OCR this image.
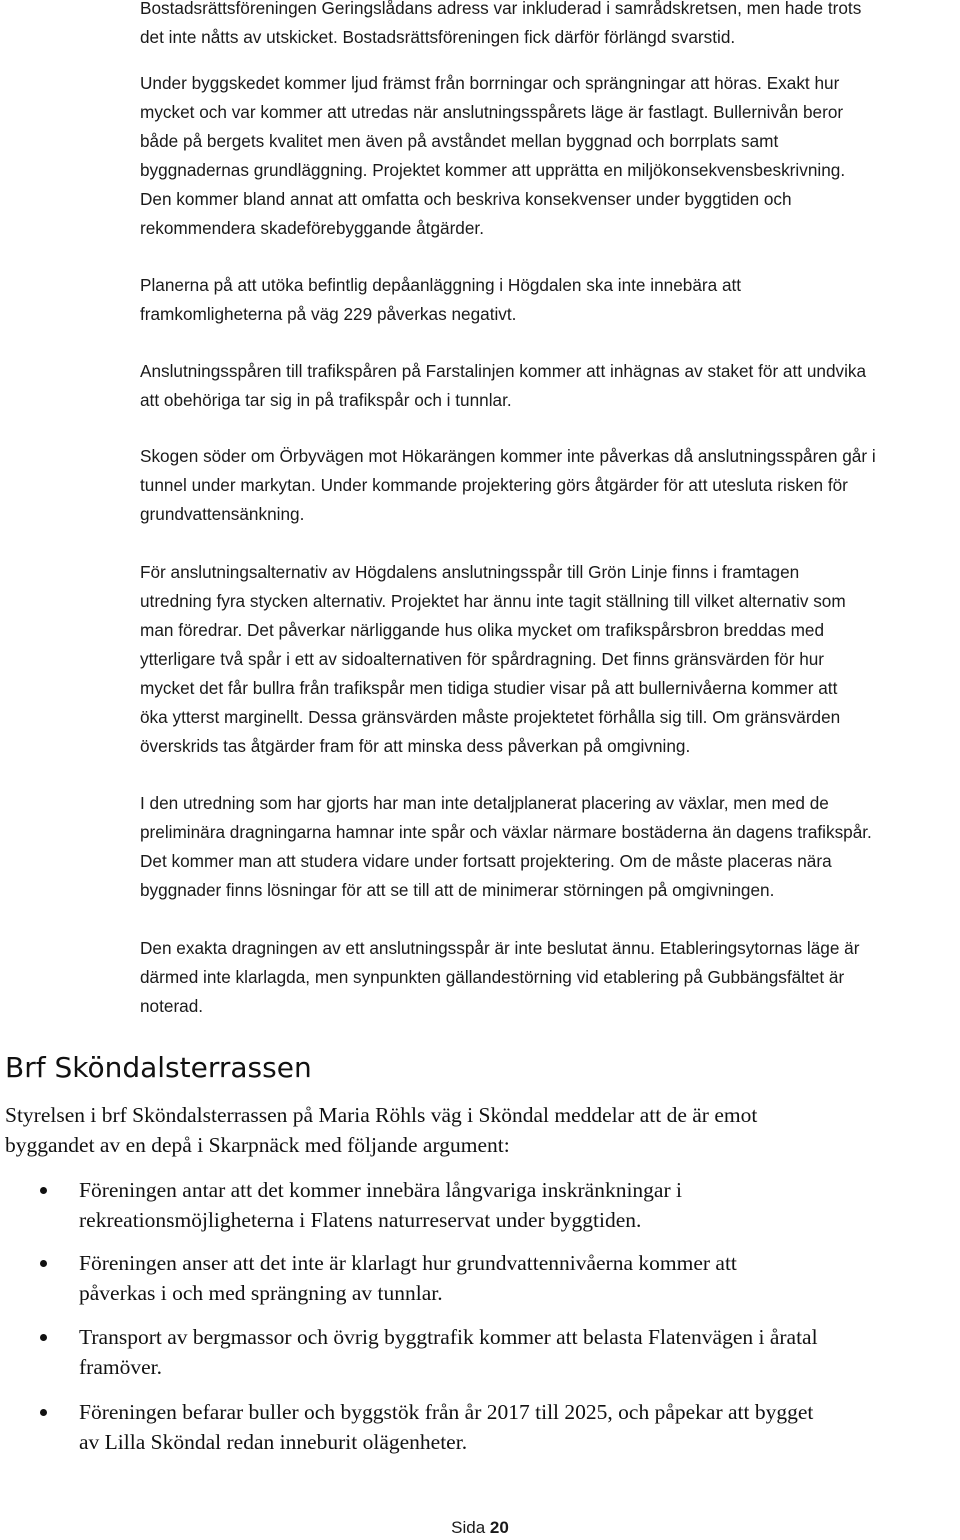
Bostadsrättsföreningen Geringslådans adress var inkluderad i samrådskretsen, men hade trots
det inte nåtts av utskicket. Bostadsrättsföreningen fick därför förlängd svarstid.
Under byggskedet kommer ljud främst från borrningar och sprängningar att höras. Exakt hur
mycket och var kommer att utredas när anslutningsspårets läge är fastlagt. Bullernivån beror
både på bergets kvalitet men även på avståndet mellan byggnad och borrplats samt
byggnadernas grundläggning. Projektet kommer att upprätta en miljökonsekvensbeskrivning.
Den kommer bland annat att omfatta och beskriva konsekvenser under byggtiden och
rekommendera skadeförebyggande åtgärder.
Planerna på att utöka befintlig depåanläggning i Högdalen ska inte innebära att
framkomligheterna på väg 229 påverkas negativt.
Anslutningsspåren till trafikspåren på Farstalinjen kommer att inhägnas av staket för att undvika
att obehöriga tar sig in på trafikspår och i tunnlar.
Skogen söder om Örbyvägen mot Hökarängen kommer inte påverkas då anslutningsspåren går i
tunnel under markytan. Under kommande projektering görs åtgärder för att utesluta risken för
grundvattensänkning.
För anslutningsalternativ av Högdalens anslutningsspår till Grön Linje finns i framtagen
utredning fyra stycken alternativ. Projektet har ännu inte tagit ställning till vilket alternativ som
man föredrar. Det påverkar närliggande hus olika mycket om trafikspårsbron breddas med
ytterligare två spår i ett av sidoalternativen för spårdragning. Det finns gränsvärden för hur
mycket det får bullra från trafikspår men tidiga studier visar på att bullernivåerna kommer att
öka ytterst marginellt. Dessa gränsvärden måste projektetet förhålla sig till. Om gränsvärden
överskrids tas åtgärder fram för att minska dess påverkan på omgivning.
I den utredning som har gjorts har man inte detaljplanerat placering av växlar, men med de
preliminära dragningarna hamnar inte spår och växlar närmare bostäderna än dagens trafikspår.
Det kommer man att studera vidare under fortsatt projektering. Om de måste placeras nära
byggnader finns lösningar för att se till att de minimerar störningen på omgivningen.
Den exakta dragningen av ett anslutningsspår är inte beslutat ännu. Etableringsytornas läge är
därmed inte klarlagda, men synpunkten gällandestörning vid etablering på Gubbängsfältet är
noterad.
Brf Sköndalsterrassen
Styrelsen i brf Sköndalsterrassen på Maria Röhls väg i Sköndal meddelar att de är emot
byggandet av en depå i Skarpnäck med följande argument:
Föreningen antar att det kommer innebära långvariga inskränkningar i
rekreationsmöjligheterna i Flatens naturreservat under byggtiden.
Föreningen anser att det inte är klarlagt hur grundvattennivåerna kommer att
påverkas i och med sprängning av tunnlar.
Transport av bergmassor och övrig byggtrafik kommer att belasta Flatenvägen i åratal
framöver.
Föreningen befarar buller och byggstök från år 2017 till 2025, och påpekar att bygget
av Lilla Sköndal redan inneburit olägenheter.
Sida 20
